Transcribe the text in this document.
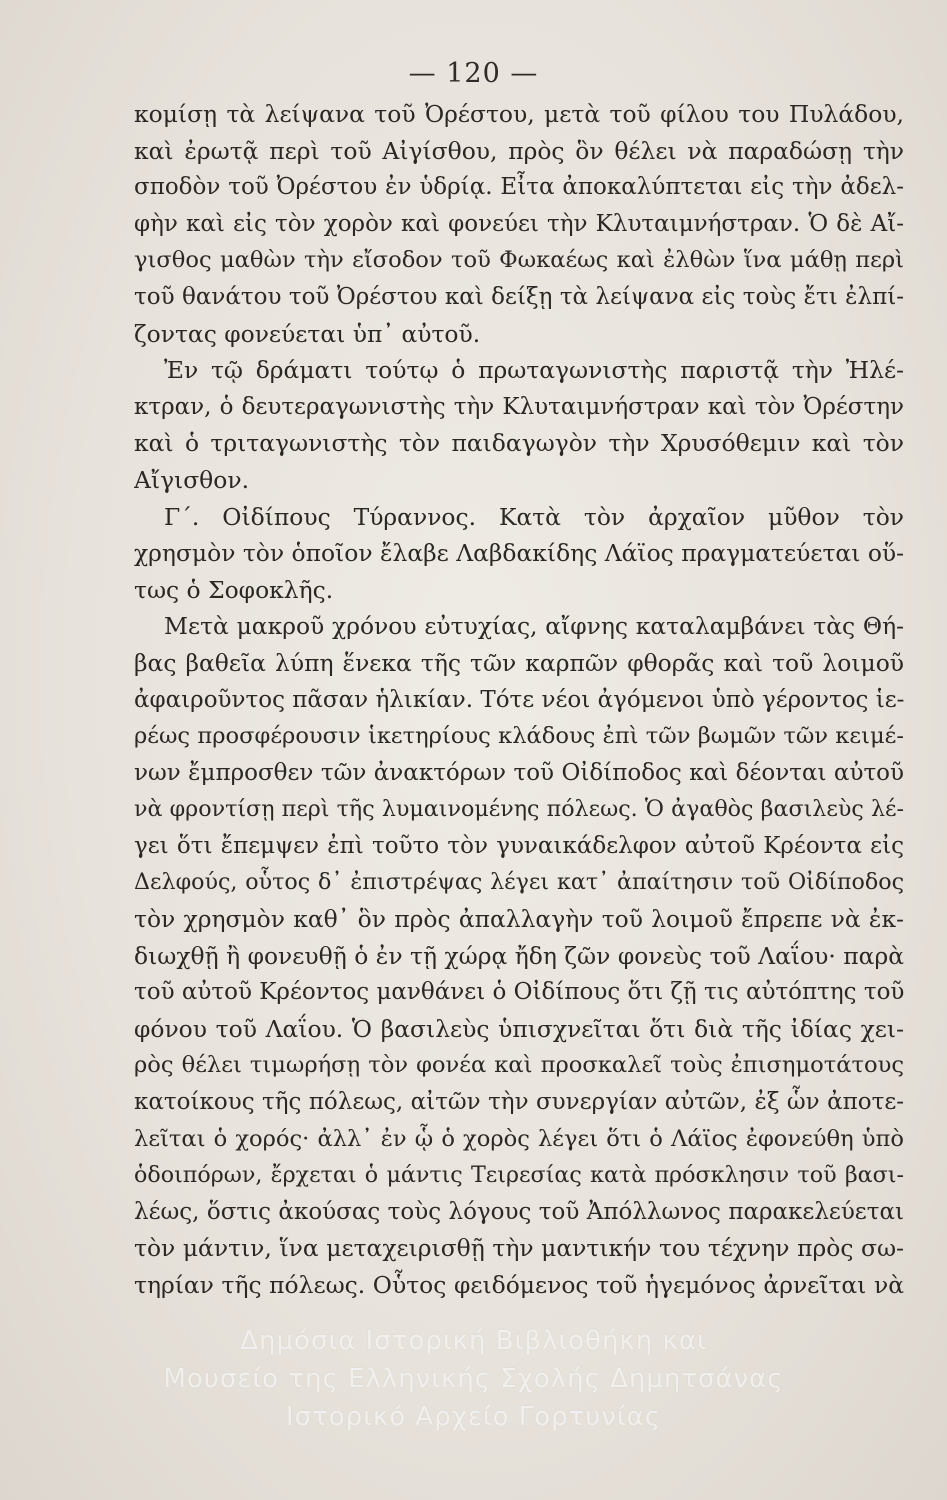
— 120 —
κομίσῃ τὰ λείψανα τοῦ Ὀρέστου, μετὰ τοῦ φίλου του Πυλάδου,
καὶ ἐρωτᾷ περὶ τοῦ Αἰγίσθου, πρὸς ὃν θέλει νὰ παραδώσῃ τὴν
σποδὸν τοῦ Ὀρέστου ἐν ὑδρίᾳ. Εἶτα ἀποκαλύπτεται εἰς τὴν ἀδελ-
φὴν καὶ εἰς τὸν χορὸν καὶ φονεύει τὴν Κλυταιμνήστραν. Ὁ δὲ Αἴ-
γισθος μαθὼν τὴν εἴσοδον τοῦ Φωκαέως καὶ ἐλθὼν ἵνα μάθῃ περὶ
τοῦ θανάτου τοῦ Ὀρέστου καὶ δείξῃ τὰ λείψανα εἰς τοὺς ἔτι ἐλπί-
ζοντας φονεύεται ὑπ᾽ αὐτοῦ.
Ἐν τῷ δράματι τούτῳ ὁ πρωταγωνιστὴς παριστᾷ τὴν Ἠλέ-
κτραν, ὁ δευτεραγωνιστὴς τὴν Κλυταιμνήστραν καὶ τὸν Ὀρέστην
καὶ ὁ τριταγωνιστὴς τὸν παιδαγωγὸν τὴν Χρυσόθεμιν καὶ τὸν
Αἴγισθον.
Γ΄. Οἰδίπους Τύραννος. Κατὰ τὸν ἀρχαῖον μῦθον τὸν
χρησμὸν τὸν ὁποῖον ἔλαβε Λαβδακίδης Λάϊος πραγματεύεται οὕ-
τως ὁ Σοφοκλῆς.
Μετὰ μακροῦ χρόνου εὐτυχίας, αἴφνης καταλαμβάνει τὰς Θή-
βας βαθεῖα λύπη ἕνεκα τῆς τῶν καρπῶν φθορᾶς καὶ τοῦ λοιμοῦ
ἀφαιροῦντος πᾶσαν ἡλικίαν. Τότε νέοι ἀγόμενοι ὑπὸ γέροντος ἱε-
ρέως προσφέρουσιν ἱκετηρίους κλάδους ἐπὶ τῶν βωμῶν τῶν κειμέ-
νων ἔμπροσθεν τῶν ἀνακτόρων τοῦ Οἰδίποδος καὶ δέονται αὐτοῦ
νὰ φροντίσῃ περὶ τῆς λυμαινομένης πόλεως. Ὁ ἀγαθὸς βασιλεὺς λέ-
γει ὅτι ἔπεμψεν ἐπὶ τοῦτο τὸν γυναικάδελφον αὐτοῦ Κρέοντα εἰς
Δελφούς, οὗτος δ᾽ ἐπιστρέψας λέγει κατ᾽ ἀπαίτησιν τοῦ Οἰδίποδος
τὸν χρησμὸν καθ᾽ ὃν πρὸς ἀπαλλαγὴν τοῦ λοιμοῦ ἔπρεπε νὰ ἐκ-
διωχθῇ ἢ φονευθῇ ὁ ἐν τῇ χώρᾳ ἤδη ζῶν φονεὺς τοῦ Λαΐου· παρὰ
τοῦ αὐτοῦ Κρέοντος μανθάνει ὁ Οἰδίπους ὅτι ζῇ τις αὐτόπτης τοῦ
φόνου τοῦ Λαΐου. Ὁ βασιλεὺς ὑπισχνεῖται ὅτι διὰ τῆς ἰδίας χει-
ρὸς θέλει τιμωρήσῃ τὸν φονέα καὶ προσκαλεῖ τοὺς ἐπισημοτάτους
κατοίκους τῆς πόλεως, αἰτῶν τὴν συνεργίαν αὐτῶν, ἐξ ὧν ἀποτε-
λεῖται ὁ χορός· ἀλλ᾽ ἐν ᾧ ὁ χορὸς λέγει ὅτι ὁ Λάϊος ἐφονεύθη ὑπὸ
ὁδοιπόρων, ἔρχεται ὁ μάντις Τειρεσίας κατὰ πρόσκλησιν τοῦ βασι-
λέως, ὅστις ἀκούσας τοὺς λόγους τοῦ Ἀπόλλωνος παρακελεύεται
τὸν μάντιν, ἵνα μεταχειρισθῇ τὴν μαντικήν του τέχνην πρὸς σω-
τηρίαν τῆς πόλεως. Οὗτος φειδόμενος τοῦ ἡγεμόνος ἀρνεῖται νὰ
Δημόσια Ιστορική Βιβλιοθήκη και
Μουσείο της Ελληνικής Σχολής Δημητσάνας
Ιστορικό Αρχείο Γορτυνίας
